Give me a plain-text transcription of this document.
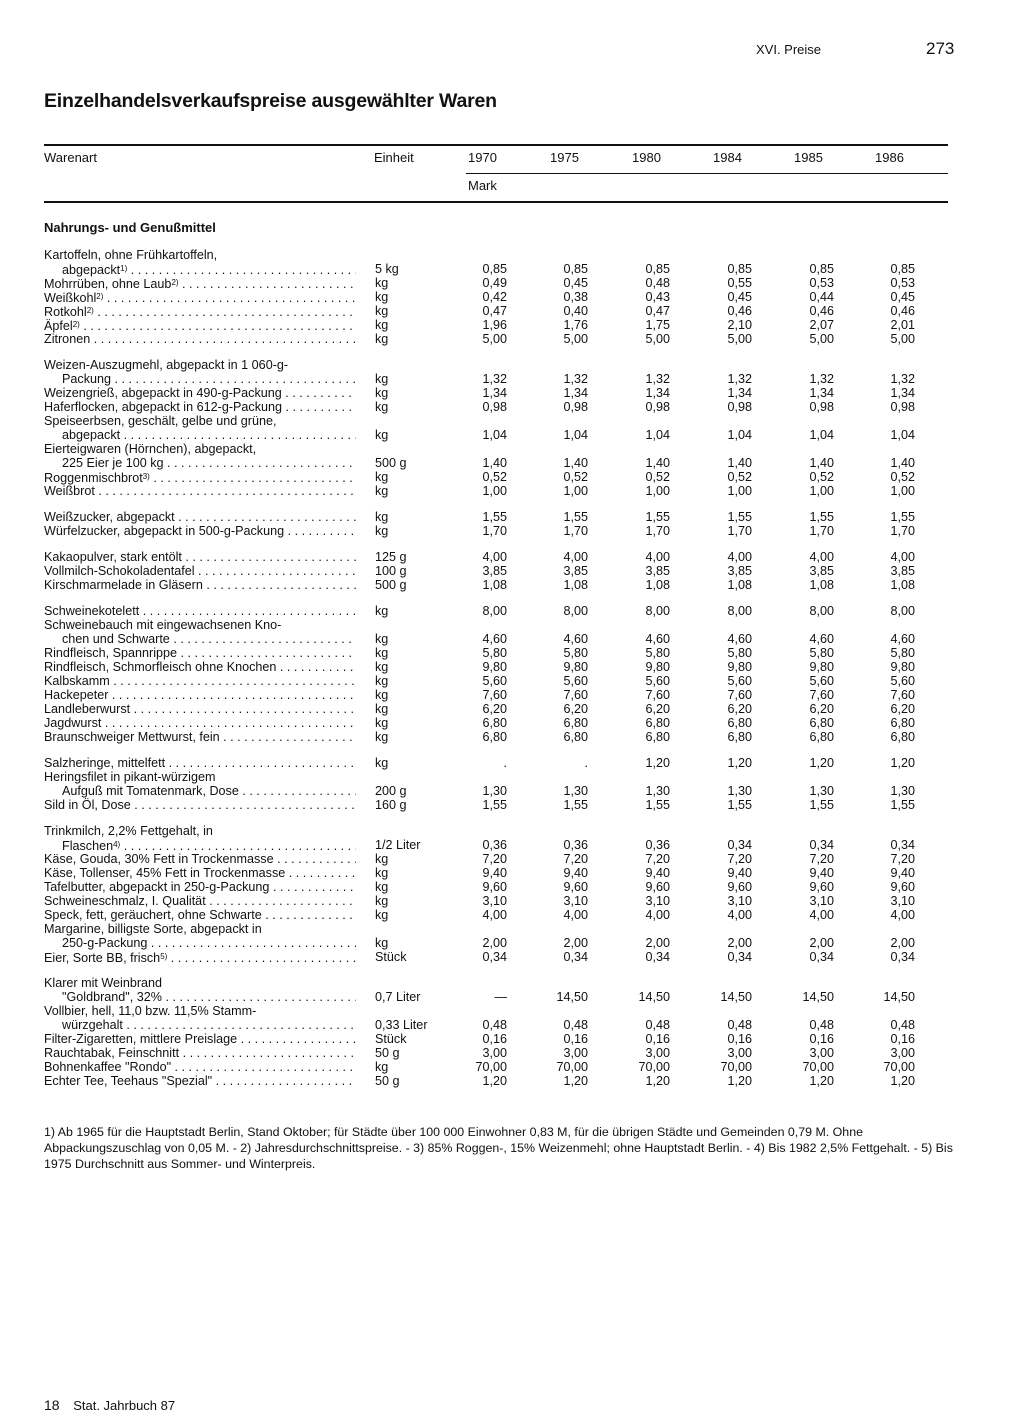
XVI. Preise	273
Einzelhandelsverkaufspreise ausgewählter Waren
Warenart	Einheit	1970	1975	1980	1984	1985	1986
Mark
Nahrungs- und Genußmittel
Kartoffeln, ohne Frühkartoffeln,
abgepackt$^{1)}$ . . .	5 kg	0,85	0,85	0,85	0,85	0,85	0,85
Mohrrüben, ohne Laub$^{2)}$ . . .	kg	0,49	0,45	0,48	0,55	0,53	0,53
Weißkohl$^{2)}$ . . .	kg	0,42	0,38	0,43	0,45	0,44	0,45
Rotkohl$^{2)}$ . . .	kg	0,47	0,40	0,47	0,46	0,46	0,46
Äpfel$^{2)}$ . . .	kg	1,96	1,76	1,75	2,10	2,07	2,01
Zitronen . . .	kg	5,00	5,00	5,00	5,00	5,00	5,00
Weizen-Auszugmehl, abgepackt in 1 060-g-
Packung . . .	kg	1,32	1,32	1,32	1,32	1,32	1,32
Weizengrieß, abgepackt in 490-g-Packung . . .	kg	1,34	1,34	1,34	1,34	1,34	1,34
Haferflocken, abgepackt in 612-g-Packung . . .	kg	0,98	0,98	0,98	0,98	0,98	0,98
Speiseerbsen, geschält, gelbe und grüne,
abgepackt . . .	kg	1,04	1,04	1,04	1,04	1,04	1,04
Eierteigwaren (Hörnchen), abgepackt,
225 Eier je 100 kg . . .	500 g	1,40	1,40	1,40	1,40	1,40	1,40
Roggenmischbrot$^{3)}$ . . .	kg	0,52	0,52	0,52	0,52	0,52	0,52
Weißbrot . . .	kg	1,00	1,00	1,00	1,00	1,00	1,00
Weißzucker, abgepackt . . .	kg	1,55	1,55	1,55	1,55	1,55	1,55
Würfelzucker, abgepackt in 500-g-Packung . . .	kg	1,70	1,70	1,70	1,70	1,70	1,70
Kakaopulver, stark entölt . . .	125 g	4,00	4,00	4,00	4,00	4,00	4,00
Vollmilch-Schokoladentafel . . .	100 g	3,85	3,85	3,85	3,85	3,85	3,85
Kirschmarmelade in Gläsern . . .	500 g	1,08	1,08	1,08	1,08	1,08	1,08
Schweinekotelett . . .	kg	8,00	8,00	8,00	8,00	8,00	8,00
Schweinebauch mit eingewachsenen Kno-
chen und Schwarte . . .	kg	4,60	4,60	4,60	4,60	4,60	4,60
Rindfleisch, Spannrippe . . .	kg	5,80	5,80	5,80	5,80	5,80	5,80
Rindfleisch, Schmorfleisch ohne Knochen . . .	kg	9,80	9,80	9,80	9,80	9,80	9,80
Kalbskamm . . .	kg	5,60	5,60	5,60	5,60	5,60	5,60
Hackepeter . . .	kg	7,60	7,60	7,60	7,60	7,60	7,60
Landleberwurst . . .	kg	6,20	6,20	6,20	6,20	6,20	6,20
Jagdwurst . . .	kg	6,80	6,80	6,80	6,80	6,80	6,80
Braunschweiger Mettwurst, fein . . .	kg	6,80	6,80	6,80	6,80	6,80	6,80
Salzheringe, mittelfett . . .	kg	.	.	1,20	1,20	1,20	1,20
Heringsfilet in pikant-würzigem
Aufguß mit Tomatenmark, Dose . . .	200 g	1,30	1,30	1,30	1,30	1,30	1,30
Sild in Öl, Dose . . .	160 g	1,55	1,55	1,55	1,55	1,55	1,55
Trinkmilch, 2,2% Fettgehalt, in
Flaschen$^{4)}$ . . .	1/2 Liter	0,36	0,36	0,36	0,34	0,34	0,34
Käse, Gouda, 30% Fett in Trockenmasse . . .	kg	7,20	7,20	7,20	7,20	7,20	7,20
Käse, Tollenser, 45% Fett in Trockenmasse . . .	kg	9,40	9,40	9,40	9,40	9,40	9,40
Tafelbutter, abgepackt in 250-g-Packung . . .	kg	9,60	9,60	9,60	9,60	9,60	9,60
Schweineschmalz, I. Qualität . . .	kg	3,10	3,10	3,10	3,10	3,10	3,10
Speck, fett, geräuchert, ohne Schwarte . . .	kg	4,00	4,00	4,00	4,00	4,00	4,00
Margarine, billigste Sorte, abgepackt in
250-g-Packung . . .	kg	2,00	2,00	2,00	2,00	2,00	2,00
Eier, Sorte BB, frisch$^{5)}$ . . .	Stück	0,34	0,34	0,34	0,34	0,34	0,34
Klarer mit Weinbrand
"Goldbrand", 32% . . .	0,7 Liter	—	14,50	14,50	14,50	14,50	14,50
Vollbier, hell, 11,0 bzw. 11,5% Stamm-
würzgehalt . . .	0,33 Liter	0,48	0,48	0,48	0,48	0,48	0,48
Filter-Zigaretten, mittlere Preislage . . .	Stück	0,16	0,16	0,16	0,16	0,16	0,16
Rauchtabak, Feinschnitt . . .	50 g	3,00	3,00	3,00	3,00	3,00	3,00
Bohnenkaffee "Rondo" . . .	kg	70,00	70,00	70,00	70,00	70,00	70,00
Echter Tee, Teehaus "Spezial" . . .	50 g	1,20	1,20	1,20	1,20	1,20	1,20

1) Ab 1965 für die Hauptstadt Berlin, Stand Oktober; für Städte über 100 000 Einwohner 0,83 M, für die übrigen Städte und Gemeinden 0,79 M. Ohne Abpackungszuschlag von 0,05 M. - 2) Jahresdurchschnittspreise. - 3) 85% Roggen-, 15% Weizenmehl; ohne Hauptstadt Berlin. - 4) Bis 1982 2,5% Fettgehalt. - 5) Bis 1975 Durchschnitt aus Sommer- und Winterpreis.

18 Stat. Jahrbuch 87
